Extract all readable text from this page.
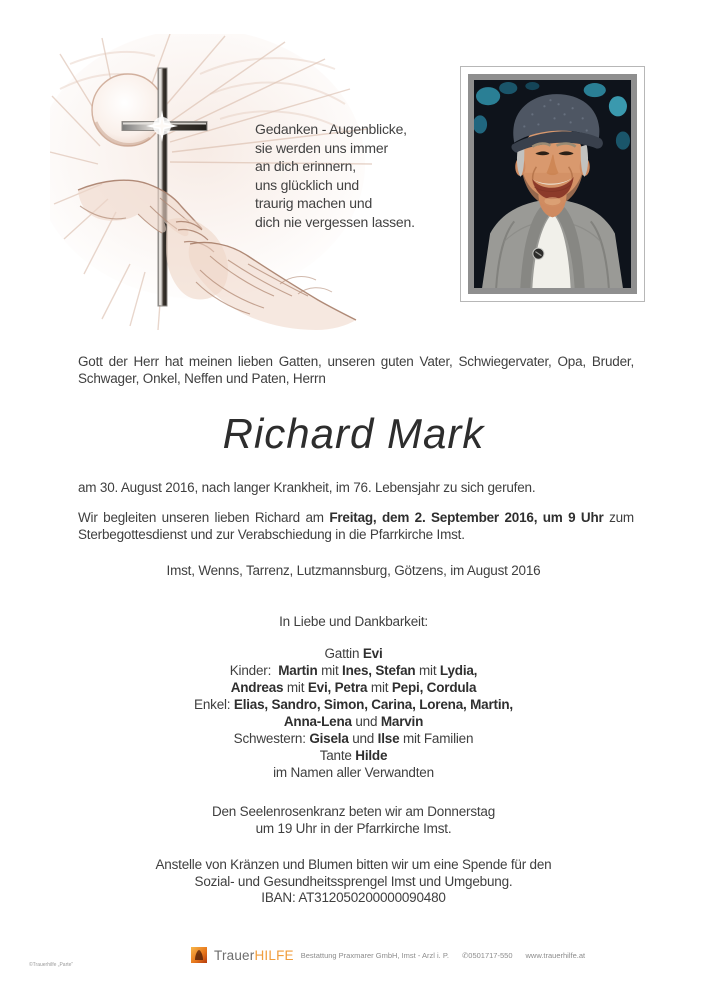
Gedanken - Augenblicke,
sie werden uns immer
an dich erinnern,
uns glücklich und
traurig machen und
dich nie vergessen lassen.
Gott der Herr hat meinen lieben Gatten, unseren guten Vater, Schwiegervater, Opa, Bruder, Schwager, Onkel, Neffen und Paten, Herrn
Richard Mark
am 30. August 2016, nach langer Krankheit, im 76. Lebensjahr zu sich gerufen.

Wir begleiten unseren lieben Richard am Freitag, dem 2. September 2016, um 9 Uhr zum Sterbegottesdienst und zur Verabschiedung in die Pfarrkirche Imst.

Imst, Wenns, Tarrenz, Lutzmannsburg, Götzens, im August 2016
In Liebe und Dankbarkeit:
Gattin Evi
Kinder:  Martin mit Ines, Stefan mit Lydia,
Andreas mit Evi, Petra mit Pepi, Cordula
Enkel: Elias, Sandro, Simon, Carina, Lorena, Martin,
Anna-Lena und Marvin
Schwestern: Gisela und Ilse mit Familien
Tante Hilde
im Namen aller Verwandten
Den Seelenrosenkranz beten wir am Donnerstag
um 19 Uhr in der Pfarrkirche Imst.
Anstelle von Kränzen und Blumen bitten wir um eine Spende für den
Sozial- und Gesundheitssprengel Imst und Umgebung.
IBAN: AT312050200000090480
TrauerHILFE Bestattung Praxmarer GmbH, Imst - Arzl i. P. ✆0501717-550 www.trauerhilfe.at
©Trauerhilfe „Parte“
